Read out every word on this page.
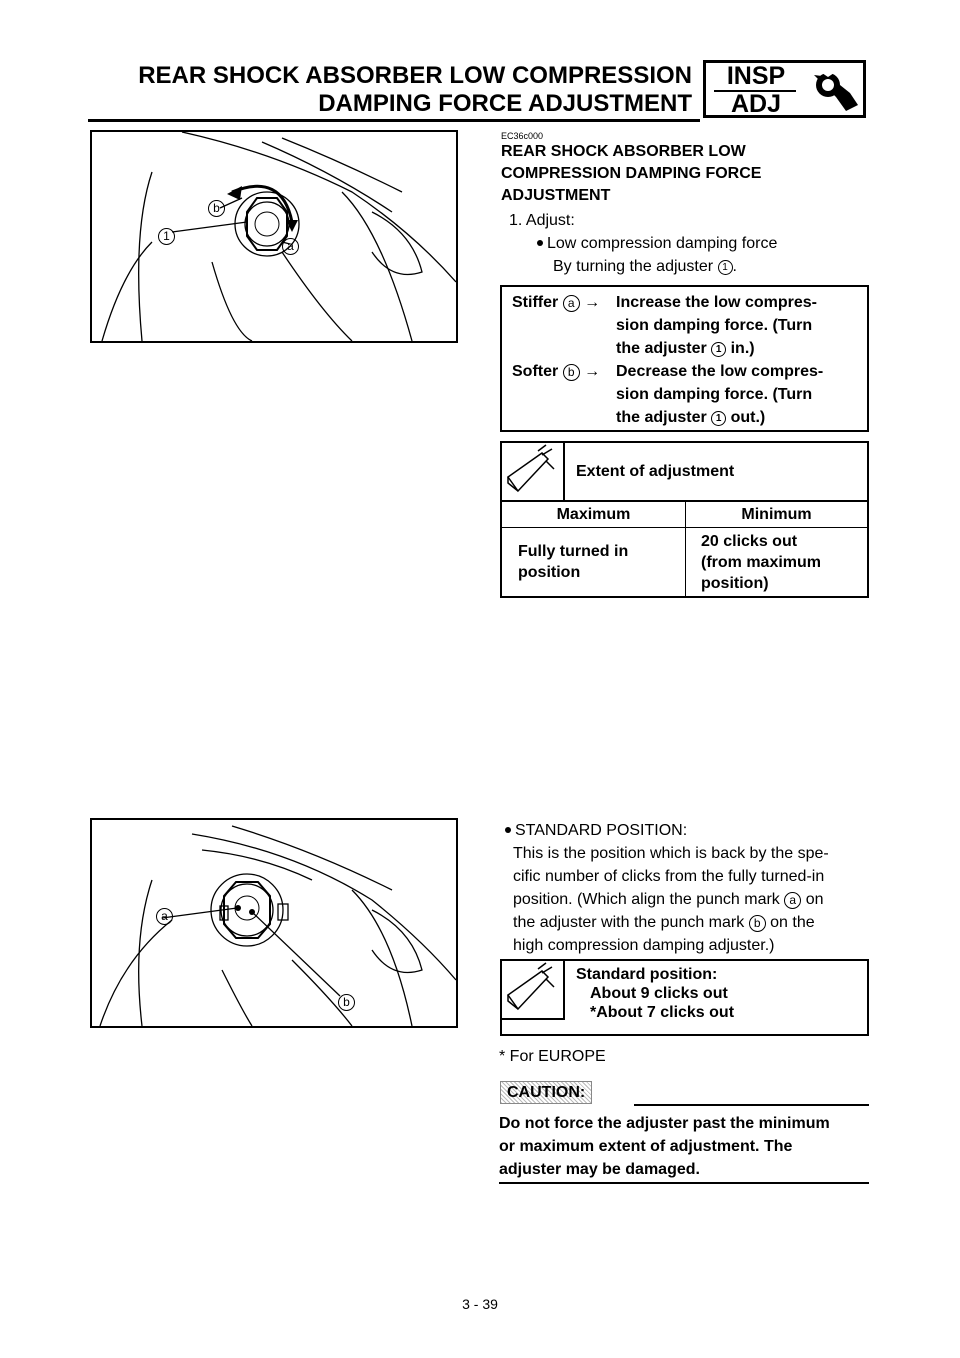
REAR SHOCK ABSORBER LOW COMPRESSION
DAMPING FORCE ADJUSTMENT
INSP
ADJ
1
b
a
EC36c000
REAR SHOCK ABSORBER LOW
COMPRESSION DAMPING FORCE
ADJUSTMENT
1. Adjust:
Low compression damping force
By turning the adjuster 1 .
Stiffer a → Increase the low compres-
sion damping force. (Turn
the adjuster 1 in.)
Softer b → Decrease the low compres-
sion damping force. (Turn
the adjuster 1 out.)
Extent of adjustment
Maximum	Minimum
Fully turned in
position
20 clicks out
(from maximum
position)
a
b
STANDARD POSITION:
This is the position which is back by the spe-
cific number of clicks from the fully turned-in
position. (Which align the punch mark a on
the adjuster with the punch mark b on the
high compression damping adjuster.)
Standard position:
About 9 clicks out
*About 7 clicks out
* For EUROPE
CAUTION:
Do not force the adjuster past the minimum
or maximum extent of adjustment. The
adjuster may be damaged.
3 - 39
